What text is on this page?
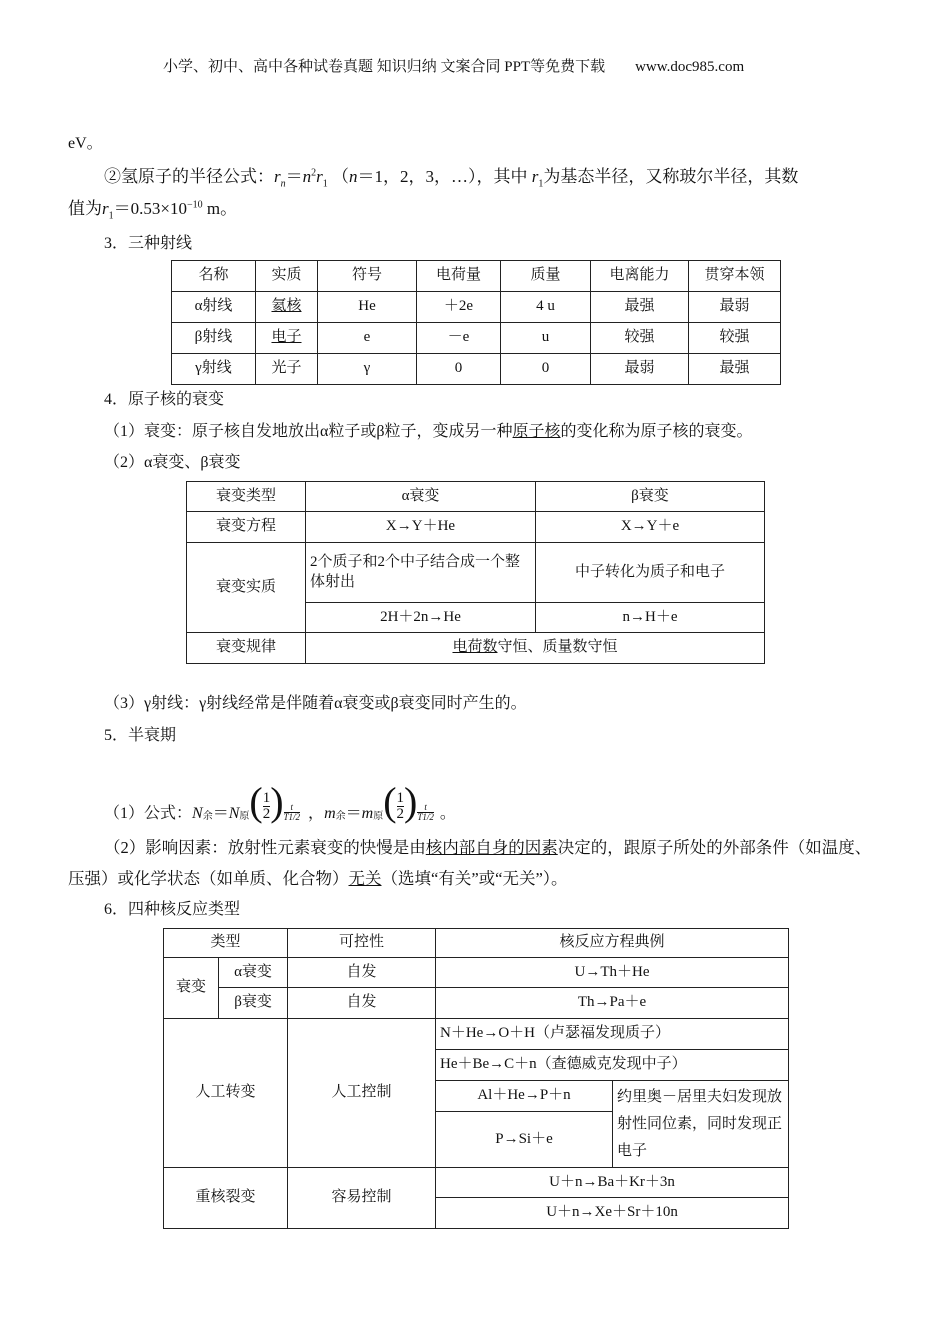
小学、初中、高中各种试卷真题 知识归纳 文案合同 PPT等免费下载　　www.doc985.com
eV。
②氢原子的半径公式：$r_n=n^2r_1$ （n＝1，2，3，…），其中 $r_1$为基态半径，又称玻尔半径，其数
值为$r_1=0.53\times 10^{-10}$ m。
3．三种射线
名称	实质	符号	电荷量	质量	电离能力	贯穿本领
α射线	氦核	He	＋2e	4 u	最强	最弱
β射线	电子	e	－e	u	较强	较强
γ射线	光子	γ	0	0	最弱	最强
4．原子核的衰变
（1）衰变：原子核自发地放出α粒子或β粒子，变成另一种原子核的变化称为原子核的衰变。
（2）α衰变、β衰变
衰变类型	α衰变	β衰变
衰变方程	X→Y＋He	X→Y＋e
衰变实质	2个质子和2个中子结合成一个整体射出	中子转化为质子和电子
	2H＋2n→He	n→H＋e
衰变规律	电荷数守恒、质量数守恒	
（3）γ射线：γ射线经常是伴随着α衰变或β衰变同时产生的。
5．半衰期
（1）公式： N 余 ＝ N 原 ( $\frac{1}{2}$ ) t
T1/2 ， m 余 ＝ m 原 ( $\frac{1}{2}$ ) t
T1/2 。
（2）影响因素：放射性元素衰变的快慢是由核内部自身的因素决定的，跟原子所处的外部条件（如温度、
压强）或化学状态（如单质、化合物）无关（选填“有关”或“无关”）。
6．四种核反应类型
类型		可控性	核反应方程典例	
衰变	α衰变	自发	U→Th＋He	
	β衰变	自发	Th→Pa＋e	
人工转变		人工控制	N＋He→O＋H（卢瑟福发现质子）	
			He＋Be→C＋n（查德威克发现中子）	
			Al＋He→P＋n	约里奥－居里夫妇发现放射性同位素，同时发现正电子
			P→Si＋e	
重核裂变		容易控制	U＋n→Ba＋Kr＋3n	
			U＋n→Xe＋Sr＋10n	
